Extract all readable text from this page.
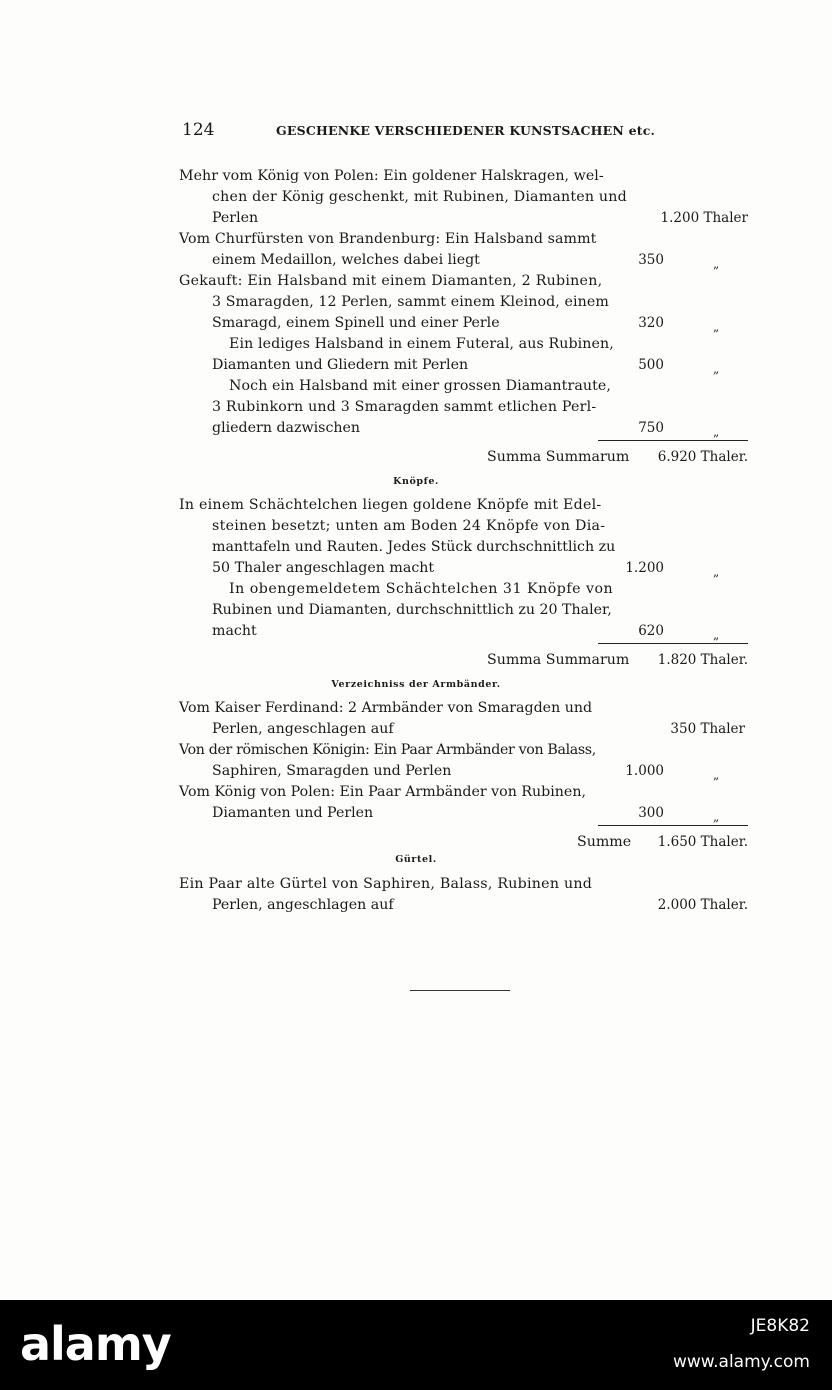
124	GESCHENKE VERSCHIEDENER KUNSTSACHEN etc.
Mehr vom König von Polen: Ein goldener Halskragen, wel-
chen der König geschenkt, mit Rubinen, Diamanten und
Perlen	1.200 Thaler
Vom Churfürsten von Brandenburg: Ein Halsband sammt
einem Medaillon, welches dabei liegt	350	„
Gekauft: Ein Halsband mit einem Diamanten, 2 Rubinen,
3 Smaragden, 12 Perlen, sammt einem Kleinod, einem
Smaragd, einem Spinell und einer Perle	320	„
Ein lediges Halsband in einem Futeral, aus Rubinen,
Diamanten und Gliedern mit Perlen	500	„
Noch ein Halsband mit einer grossen Diamantraute,
3 Rubinkorn und 3 Smaragden sammt etlichen Perl-
gliedern dazwischen	750	„
Summa Summarum 6.920 Thaler.
Knöpfe.
In einem Schächtelchen liegen goldene Knöpfe mit Edel-
steinen besetzt; unten am Boden 24 Knöpfe von Dia-
manttafeln und Rauten. Jedes Stück durchschnittlich zu
50 Thaler angeschlagen macht	1.200	„
In obengemeldetem Schächtelchen 31 Knöpfe von
Rubinen und Diamanten, durchschnittlich zu 20 Thaler,
macht	620	„
Summa Summarum 1.820 Thaler.
Verzeichniss der Armbänder.
Vom Kaiser Ferdinand: 2 Armbänder von Smaragden und
Perlen, angeschlagen auf	350 Thaler
Von der römischen Königin: Ein Paar Armbänder von Balass,
Saphiren, Smaragden und Perlen	1.000	„
Vom König von Polen: Ein Paar Armbänder von Rubinen,
Diamanten und Perlen	300	„
Summe 1.650 Thaler.
Gürtel.
Ein Paar alte Gürtel von Saphiren, Balass, Rubinen und
Perlen, angeschlagen auf	2.000 Thaler.
alamy	JE8K82
www.alamy.com
